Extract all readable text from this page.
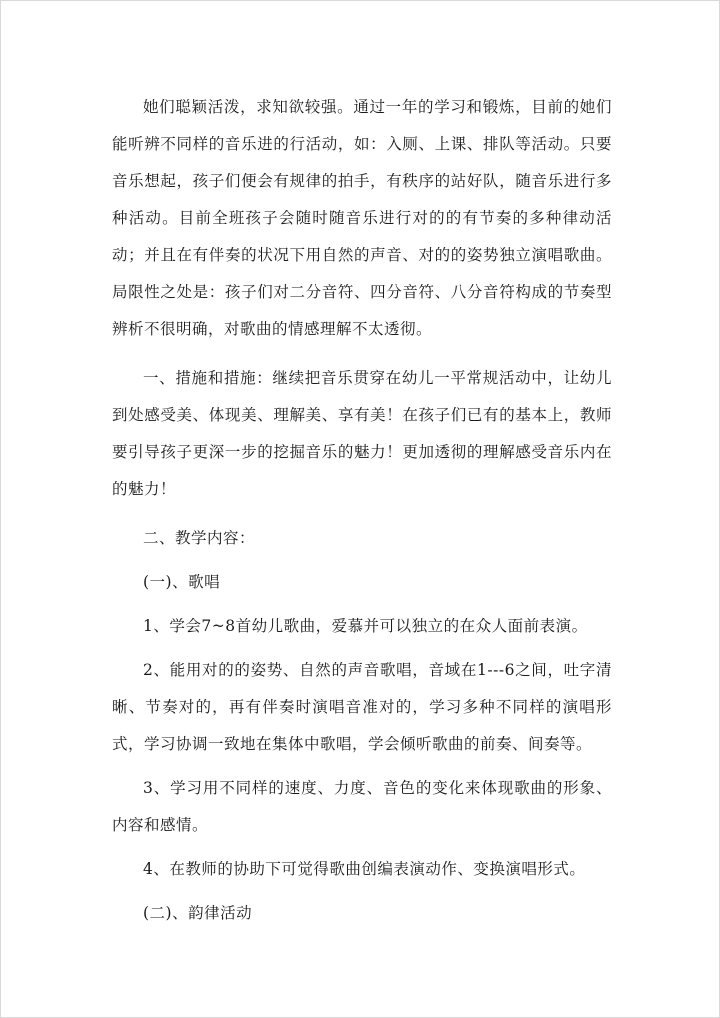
她们聪颖活泼，求知欲较强。通过一年的学习和锻炼，目前的她们能听辨不同样的音乐进的行活动，如：入厕、上课、排队等活动。只要音乐想起，孩子们便会有规律的拍手，有秩序的站好队，随音乐进行多种活动。目前全班孩子会随时随音乐进行对的的有节奏的多种律动活动；并且在有伴奏的状况下用自然的声音、对的的姿势独立演唱歌曲。局限性之处是：孩子们对二分音符、四分音符、八分音符构成的节奏型辨析不很明确，对歌曲的情感理解不太透彻。

一、措施和措施：继续把音乐贯穿在幼儿一平常规活动中，让幼儿到处感受美、体现美、理解美、享有美！在孩子们已有的基本上，教师要引导孩子更深一步的挖掘音乐的魅力！更加透彻的理解感受音乐内在的魅力！

二、教学内容：

(一)、歌唱

1、学会7~8首幼儿歌曲，爱慕并可以独立的在众人面前表演。

2、能用对的的姿势、自然的声音歌唱，音域在1---6之间，吐字清晰、节奏对的，再有伴奏时演唱音准对的，学习多种不同样的演唱形式，学习协调一致地在集体中歌唱，学会倾听歌曲的前奏、间奏等。

3、学习用不同样的速度、力度、音色的变化来体现歌曲的形象、内容和感情。

4、在教师的协助下可觉得歌曲创编表演动作、变换演唱形式。

(二)、韵律活动
